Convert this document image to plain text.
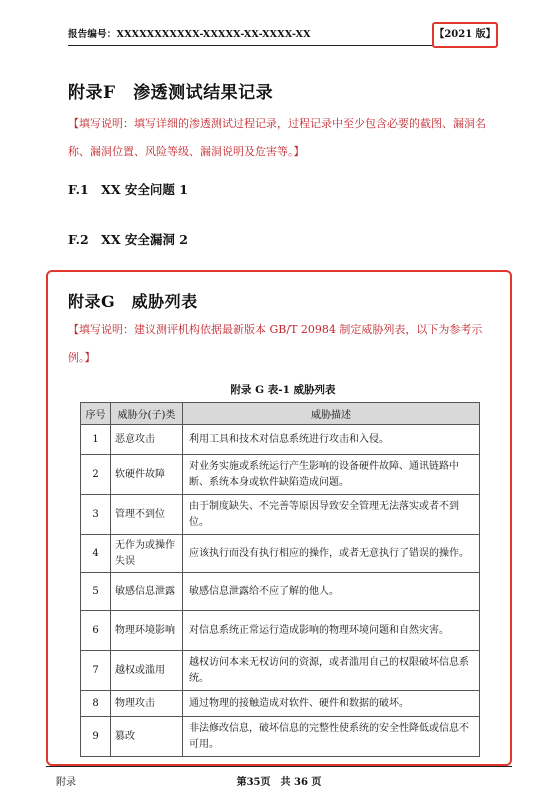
报告编号：XXXXXXXXXXX-XXXXX-XX-XXXX-XX	【2021 版】
附录F　渗透测试结果记录
【填写说明：填写详细的渗透测试过程记录，过程记录中至少包含必要的截图、漏洞名称、漏洞位置、风险等级、漏洞说明及危害等。】
F.1　XX 安全问题 1
F.2　XX 安全漏洞 2
附录G　威胁列表
【填写说明：建议测评机构依据最新版本 GB/T 20984 制定威胁列表，以下为参考示例。】
附录 G 表-1 威胁列表
序号	威胁分(子)类	威胁描述
1	恶意攻击	利用工具和技术对信息系统进行攻击和入侵。
2	软硬件故障	对业务实施或系统运行产生影响的设备硬件故障、通讯链路中断、系统本身或软件缺陷造成问题。
3	管理不到位	由于制度缺失、不完善等原因导致安全管理无法落实或者不到位。
4	无作为或操作失误	应该执行而没有执行相应的操作，或者无意执行了错误的操作。
5	敏感信息泄露	敏感信息泄露给不应了解的他人。
6	物理环境影响	对信息系统正常运行造成影响的物理环境问题和自然灾害。
7	越权或滥用	越权访问本来无权访问的资源，或者滥用自己的权限破坏信息系统。
8	物理攻击	通过物理的接触造成对软件、硬件和数据的破坏。
9	篡改	非法修改信息，破坏信息的完整性使系统的安全性降低或信息不可用。
附录	第35页　共 36 页
